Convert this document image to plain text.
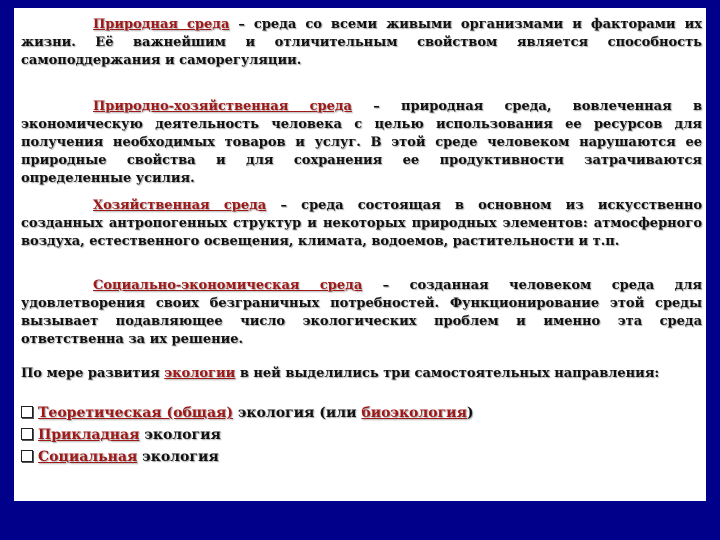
Природная среда – среда со всеми живыми организмами и факторами их жизни. Её важнейшим и отличительным свойством является способность самоподдержания и саморегуляции.
Природно-хозяйственная среда – природная среда, вовлеченная в экономическую деятельность человека с целью использования ее ресурсов для получения необходимых товаров и услуг. В этой среде человеком нарушаются ее природные свойства и для сохранения ее продуктивности затрачиваются определенные усилия.
Хозяйственная среда – среда состоящая в основном из искусственно созданных антропогенных структур и некоторых природных элементов: атмосферного воздуха, естественного освещения, климата, водоемов, растительности и т.п.
Социально-экономическая среда – созданная человеком среда для удовлетворения своих безграничных потребностей. Функционирование этой среды вызывает подавляющее число экологических проблем и именно эта среда ответственна за их решение.
По мере развития экологии в ней выделились три самостоятельных направления:
Теоретическая (общая) экология (или биоэкология)
Прикладная экология
Социальная экология
